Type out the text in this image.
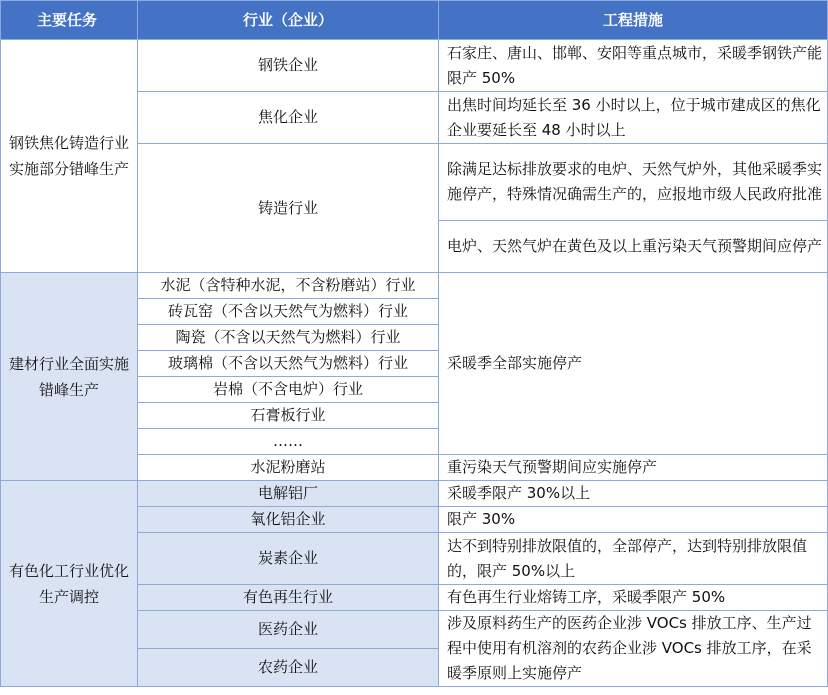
主要任务	行业（企业）	工程措施
钢铁焦化铸造行业实施部分错峰生产	钢铁企业	石家庄、唐山、邯郸、安阳等重点城市，采暖季钢铁产能限产 50%
	焦化企业	出焦时间均延长至 36 小时以上，位于城市建成区的焦化企业要延长至 48 小时以上
	铸造行业	除满足达标排放要求的电炉、天然气炉外，其他采暖季实施停产，特殊情况确需生产的，应报地市级人民政府批准
		电炉、天然气炉在黄色及以上重污染天气预警期间应停产
建材行业全面实施错峰生产	水泥（含特种水泥，不含粉磨站）行业	采暖季全部实施停产
	砖瓦窑（不含以天然气为燃料）行业	
	陶瓷（不含以天然气为燃料）行业	
	玻璃棉（不含以天然气为燃料）行业	
	岩棉（不含电炉）行业	
	石膏板行业	
	……	
	水泥粉磨站	重污染天气预警期间应实施停产
有色化工行业优化生产调控	电解铝厂	采暖季限产 30%以上
	氧化铝企业	限产 30%
	炭素企业	达不到特别排放限值的，全部停产，达到特别排放限值的，限产 50%以上
	有色再生行业	有色再生行业熔铸工序，采暖季限产 50%
	医药企业	涉及原料药生产的医药企业涉 VOCs 排放工序、生产过程中使用有机溶剂的农药企业涉 VOCs 排放工序，在采暖季原则上实施停产
	农药企业	
